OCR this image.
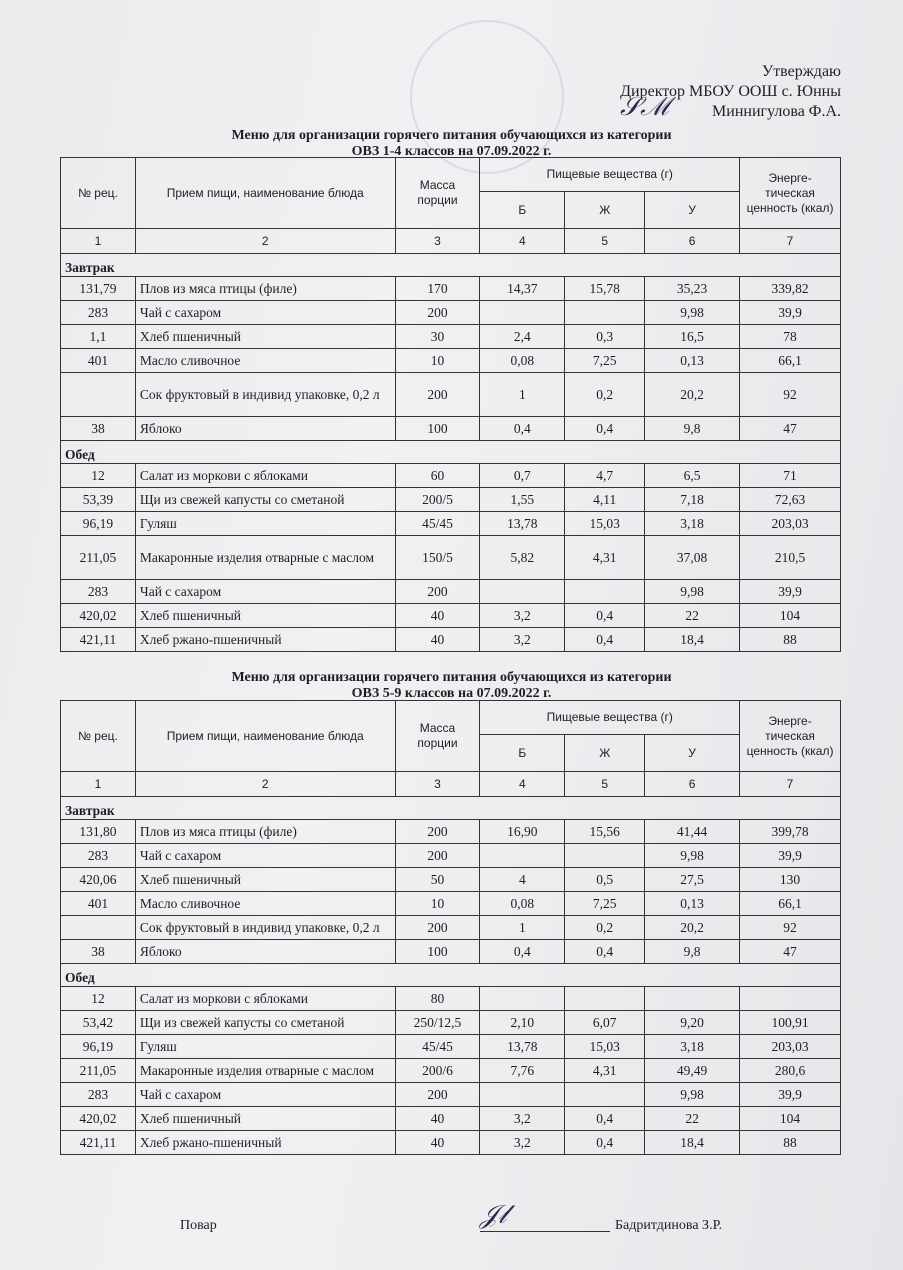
Утверждаю
Директор МБОУ ООШ с. Юнны
Миннигулова Ф.А.
𝒮ℳ
Меню для организации горячего питания обучающихся из категории
ОВЗ 1-4 классов на 07.09.2022 г.
№ рец.	Прием пищи, наименование блюда	Масса порции	Пищевые вещества (г)			Энерге-тическая ценность (ккал)
			Б	Ж	У	
1	2	3	4	5	6	7
Завтрак						
131,79	Плов из мяса птицы (филе)	170	14,37	15,78	35,23	339,82
283	Чай с сахаром	200			9,98	39,9
1,1	Хлеб пшеничный	30	2,4	0,3	16,5	78
401	Масло сливочное	10	0,08	7,25	0,13	66,1
	Сок фруктовый в индивид упаковке, 0,2 л	200	1	0,2	20,2	92
38	Яблоко	100	0,4	0,4	9,8	47
Обед						
12	Салат из моркови с яблоками	60	0,7	4,7	6,5	71
53,39	Щи из свежей капусты со сметаной	200/5	1,55	4,11	7,18	72,63
96,19	Гуляш	45/45	13,78	15,03	3,18	203,03
211,05	Макаронные изделия отварные с маслом	150/5	5,82	4,31	37,08	210,5
283	Чай с сахаром	200			9,98	39,9
420,02	Хлеб пшеничный	40	3,2	0,4	22	104
421,11	Хлеб ржано-пшеничный	40	3,2	0,4	18,4	88
Меню для организации горячего питания обучающихся из категории
ОВЗ 5-9 классов на 07.09.2022 г.
№ рец.	Прием пищи, наименование блюда	Масса порции	Пищевые вещества (г)			Энерге-тическая ценность (ккал)
			Б	Ж	У	
1	2	3	4	5	6	7
Завтрак						
131,80	Плов из мяса птицы (филе)	200	16,90	15,56	41,44	399,78
283	Чай с сахаром	200			9,98	39,9
420,06	Хлеб пшеничный	50	4	0,5	27,5	130
401	Масло сливочное	10	0,08	7,25	0,13	66,1
	Сок фруктовый в индивид упаковке, 0,2 л	200	1	0,2	20,2	92
38	Яблоко	100	0,4	0,4	9,8	47
Обед						
12	Салат из моркови с яблоками	80				
53,42	Щи из свежей капусты со сметаной	250/12,5	2,10	6,07	9,20	100,91
96,19	Гуляш	45/45	13,78	15,03	3,18	203,03
211,05	Макаронные изделия отварные с маслом	200/6	7,76	4,31	49,49	280,6
283	Чай с сахаром	200			9,98	39,9
420,02	Хлеб пшеничный	40	3,2	0,4	22	104
421,11	Хлеб ржано-пшеничный	40	3,2	0,4	18,4	88
Повар	𝒥𝓁	Бадритдинова З.Р.
